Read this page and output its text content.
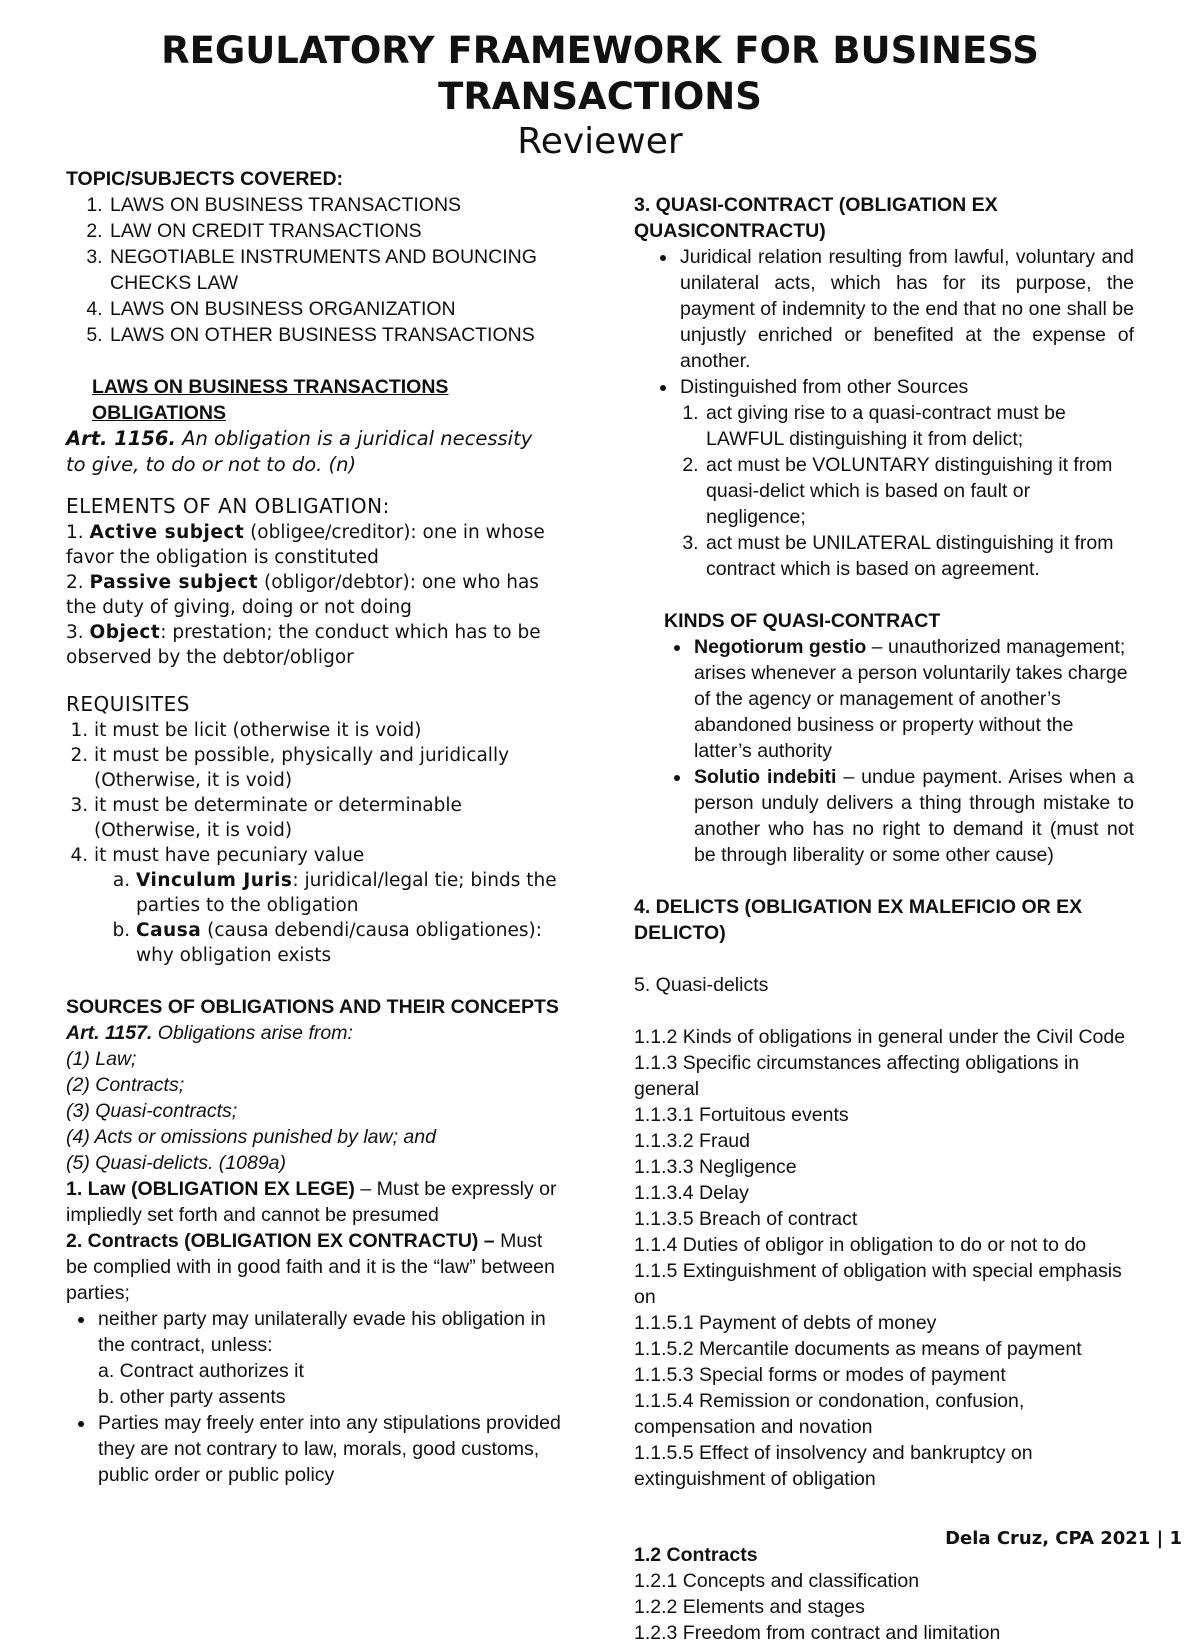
REGULATORY FRAMEWORK FOR BUSINESS TRANSACTIONS

Reviewer

TOPIC/SUBJECTS COVERED:

1. LAWS ON BUSINESS TRANSACTIONS
2. LAW ON CREDIT TRANSACTIONS
3. NEGOTIABLE INSTRUMENTS AND BOUNCING CHECKS LAW
4. LAWS ON BUSINESS ORGANIZATION
5. LAWS ON OTHER BUSINESS TRANSACTIONS

LAWS ON BUSINESS TRANSACTIONS OBLIGATIONS

Art. 1156. An obligation is a juridical necessity

to give, to do or not to do. (n)

ELEMENTS OF AN OBLIGATION:

1. Active subject (obligee/creditor): one in whose

favor the obligation is constituted

2. Passive subject (obligor/debtor): one who has

the duty of giving, doing or not doing

3. Object: prestation; the conduct which has to be

observed by the debtor/obligor

REQUISITES

1. it must be licit (otherwise it is void)
2. it must be possible, physically and juridically (Otherwise, it is void)
3. it must be determinate or determinable (Otherwise, it is void)
4. it must have pecuniary value
a. Vinculum Juris: juridical/legal tie; binds the parties to the obligation
b. Causa (causa debendi/causa obligationes): why obligation exists

SOURCES OF OBLIGATIONS AND THEIR CONCEPTS

Art. 1157. Obligations arise from:

(1) Law;

(2) Contracts;

(3) Quasi-contracts;

(4) Acts or omissions punished by law; and

(5) Quasi-delicts. (1089a)

1. Law (OBLIGATION EX LEGE) – Must be expressly or impliedly set forth and cannot be presumed

2. Contracts (OBLIGATION EX CONTRACTU) – Must be complied with in good faith and it is the “law” between parties;

• neither party may unilaterally evade his obligation in the contract, unless:
a. Contract authorizes it
b. other party assents
• Parties may freely enter into any stipulations provided they are not contrary to law, morals, good customs, public order or public policy

3. QUASI-CONTRACT (OBLIGATION EX QUASICONTRACTU)

• Juridical relation resulting from lawful, voluntary and unilateral acts, which has for its purpose, the payment of indemnity to the end that no one shall be unjustly enriched or benefited at the expense of another.
• Distinguished from other Sources
1. act giving rise to a quasi-contract must be LAWFUL distinguishing it from delict;
2. act must be VOLUNTARY distinguishing it from quasi-delict which is based on fault or negligence;
3. act must be UNILATERAL distinguishing it from contract which is based on agreement.

KINDS OF QUASI-CONTRACT

• Negotiorum gestio – unauthorized management; arises whenever a person voluntarily takes charge of the agency or management of another’s abandoned business or property without the latter’s authority
• Solutio indebiti – undue payment. Arises when a person unduly delivers a thing through mistake to another who has no right to demand it (must not be through liberality or some other cause)

4. DELICTS (OBLIGATION EX MALEFICIO OR EX DELICTO)

5. Quasi-delicts

1.1.2 Kinds of obligations in general under the Civil Code

1.1.3 Specific circumstances affecting obligations in general

1.1.3.1 Fortuitous events

1.1.3.2 Fraud

1.1.3.3 Negligence

1.1.3.4 Delay

1.1.3.5 Breach of contract

1.1.4 Duties of obligor in obligation to do or not to do

1.1.5 Extinguishment of obligation with special emphasis on

1.1.5.1 Payment of debts of money

1.1.5.2 Mercantile documents as means of payment

1.1.5.3 Special forms or modes of payment

1.1.5.4 Remission or condonation, confusion, compensation and novation

1.1.5.5 Effect of insolvency and bankruptcy on extinguishment of obligation

1.2 Contracts

1.2.1 Concepts and classification

1.2.2 Elements and stages

1.2.3 Freedom from contract and limitation

Dela Cruz, CPA 2021 | 1
